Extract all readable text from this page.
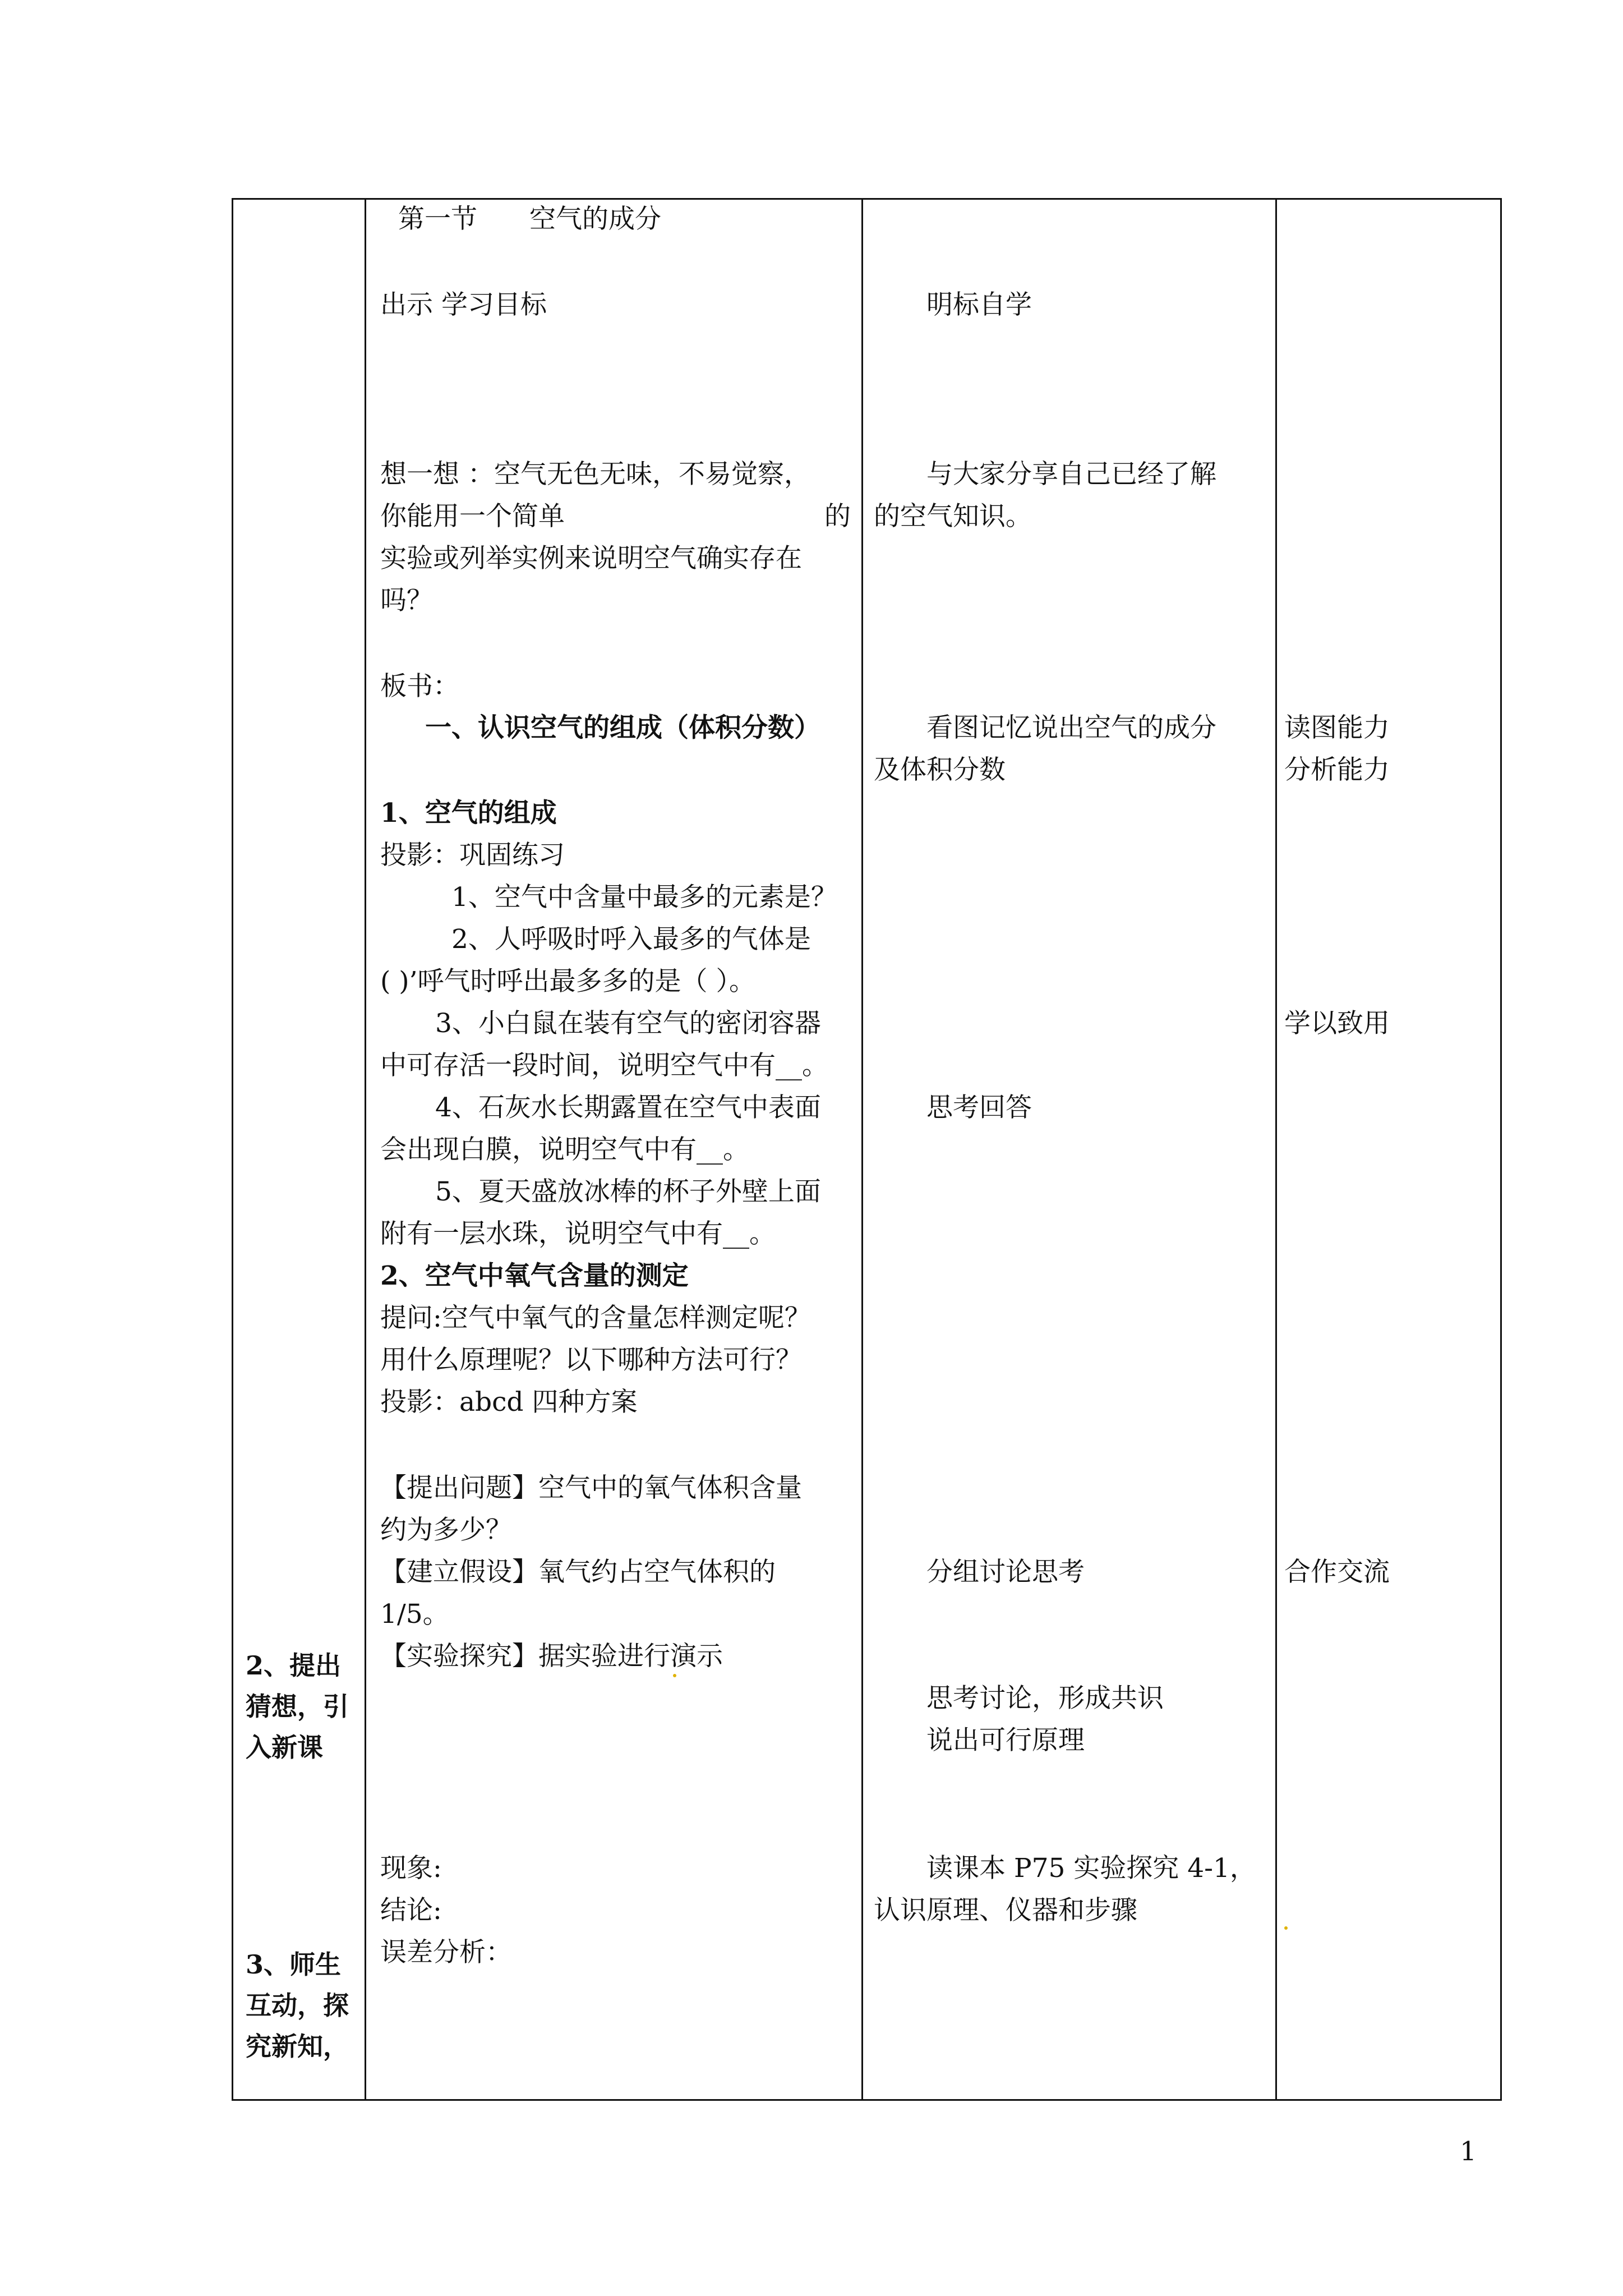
2、提出
猜想，引
入新课
3、师生
互动，探
究新知，
第一节 空气的成分
出示 学习目标
想一想 ：空气无色无味，不易觉察，
你能用一个简单	的
实验或列举实例来说明空气确实存在
吗？
板书：
一、认识空气的组成（体积分数）
1、空气的组成
投影：巩固练习
1、空气中含量中最多的元素是？
2、人呼吸时呼入最多的气体是
( )’呼气时呼出最多多的是（ ）。
3、小白鼠在装有空气的密闭容器
中可存活一段时间，说明空气中有__。
4、石灰水长期露置在空气中表面
会出现白膜，说明空气中有__。
5、夏天盛放冰棒的杯子外壁上面
附有一层水珠，说明空气中有__。
2、空气中氧气含量的测定
提问:空气中氧气的含量怎样测定呢？
用什么原理呢？以下哪种方法可行？
投影：abcd 四种方案
【提出问题】空气中的氧气体积含量
约为多少？
【建立假设】氧气约占空气体积的
1/5。
【实验探究】据实验进行演示
现象:
结论:
误差分析：
明标自学
与大家分享自己已经了解
的空气知识。
看图记忆说出空气的成分
及体积分数
思考回答
分组讨论思考
思考讨论，形成共识
说出可行原理
读课本 P75 实验探究 4-1，
认识原理、仪器和步骤
读图能力
分析能力
学以致用
合作交流
1
